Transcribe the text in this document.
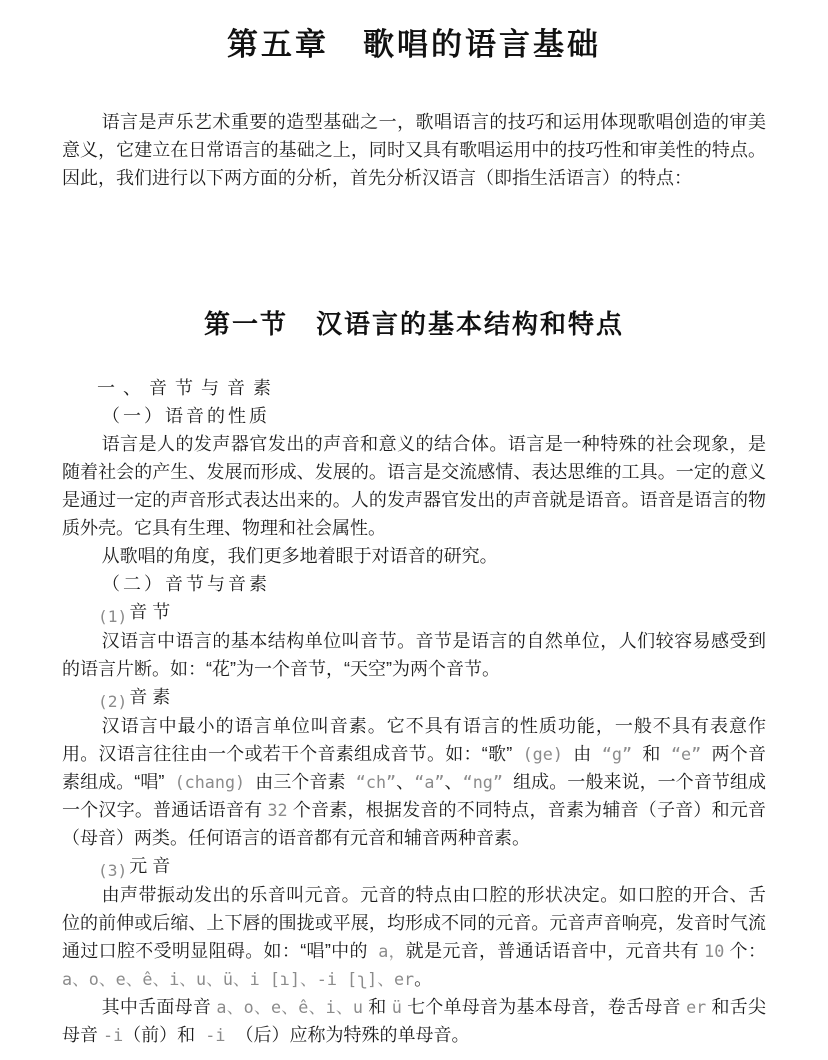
第五章　歌唱的语言基础

语言是声乐艺术重要的造型基础之一，歌唱语言的技巧和运用体现歌唱创造的审美意义，它建立在日常语言的基础之上，同时又具有歌唱运用中的技巧性和审美性的特点。因此，我们进行以下两方面的分析，首先分析汉语言（即指生活语言）的特点：

第一节　汉语言的基本结构和特点
一、音节与音素
（一）语音的性质
语言是人的发声器官发出的声音和意义的结合体。语言是一种特殊的社会现象，是随着社会的产生、发展而形成、发展的。语言是交流感情、表达思维的工具。一定的意义是通过一定的声音形式表达出来的。人的发声器官发出的声音就是语音。语音是语言的物质外壳。它具有生理、物理和社会属性。
从歌唱的角度，我们更多地着眼于对语音的研究。
（二）音节与音素
(1) 音 节
汉语言中语言的基本结构单位叫音节。音节是语言的自然单位，人们较容易感受到的语言片断。如：“花”为一个音节，“天空”为两个音节。
(2) 音 素
汉语言中最小的语言单位叫音素。它不具有语言的性质功能，一般不具有表意作用。汉语言往往由一个或若干个音素组成音节。如：“歌” (ge) 由 “g” 和 “e” 两个音素组成。“唱” (chang) 由三个音素 “ch”、“a”、“ng” 组成。一般来说，一个音节组成一个汉字。普通话语音有 32 个音素，根据发音的不同特点，音素为辅音（子音）和元音（母音）两类。任何语言的语音都有元音和辅音两种音素。
(3) 元 音
由声带振动发出的乐音叫元音。元音的特点由口腔的形状决定。如口腔的开合、舌位的前伸或后缩、上下唇的围拢或平展，均形成不同的元音。元音声音响亮，发音时气流通过口腔不受明显阻碍。如：“唱”中的 a，就是元音，普通话语音中，元音共有 10 个：a、o、e、ê、i、u、ü、i [ɿ]、-i [ʅ]、er。
其中舌面母音 a、o、e、ê、i、u 和 ü 七个单母音为基本母音，卷舌母音 er 和舌尖母音 -i（前）和 -i （后）应称为特殊的单母音。
